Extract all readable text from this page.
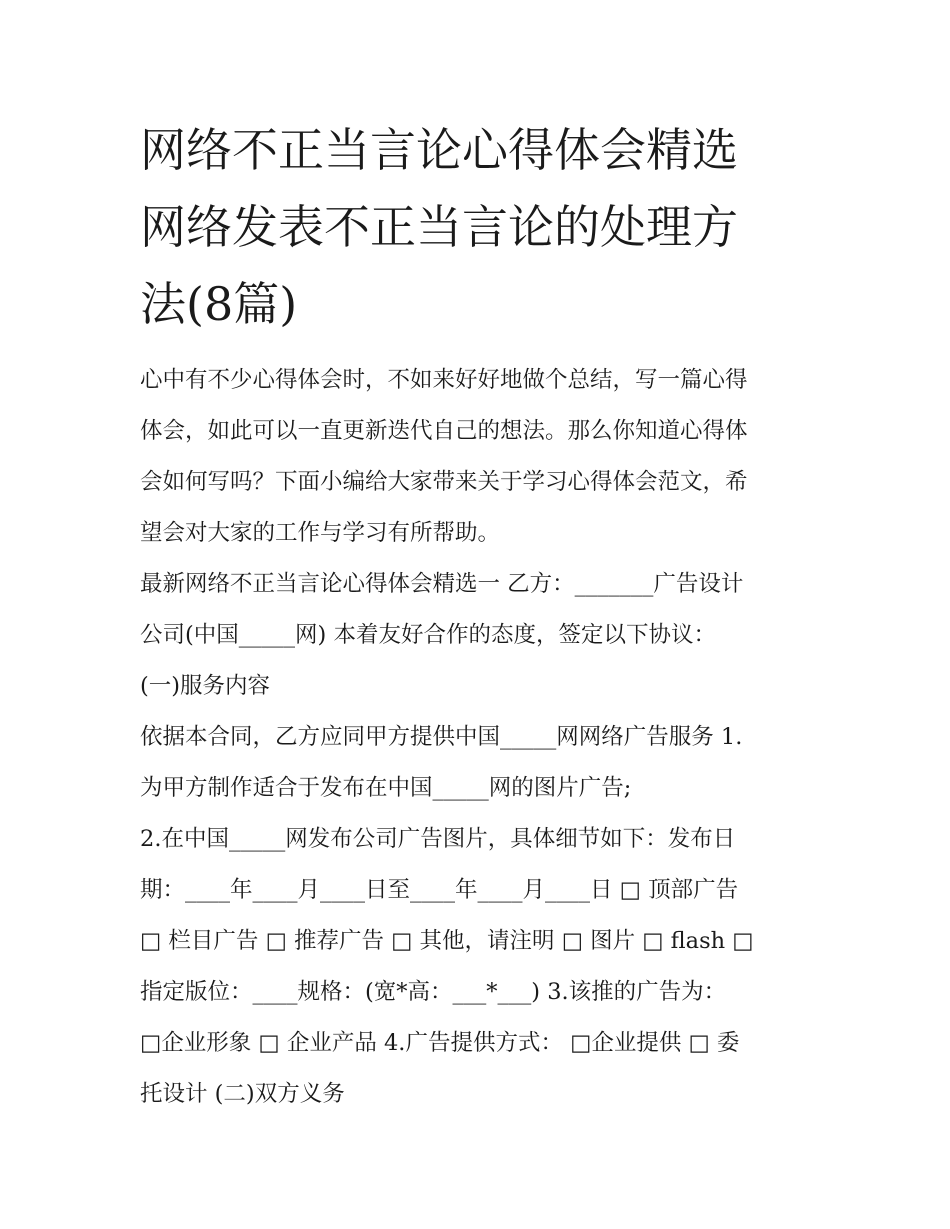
网络不正当言论心得体会精选
网络发表不正当言论的处理方
法(8篇)
心中有不少心得体会时，不如来好好地做个总结，写一篇心得
体会，如此可以一直更新迭代自己的想法。那么你知道心得体
会如何写吗？下面小编给大家带来关于学习心得体会范文，希
望会对大家的工作与学习有所帮助。
最新网络不正当言论心得体会精选一 乙方：_______广告设计
公司(中国_____网) 本着友好合作的态度，签定以下协议：
(一)服务内容
依据本合同，乙方应同甲方提供中国_____网网络广告服务 1.
为甲方制作适合于发布在中国_____网的图片广告;
2.在中国_____网发布公司广告图片，具体细节如下：发布日
期：____年____月____日至____年____月____日 □ 顶部广告
□ 栏目广告 □ 推荐广告 □ 其他，请注明 □ 图片 □ flash □
指定版位：____规格：(宽*高：___*___) 3.该推的广告为：
□企业形象 □ 企业产品 4.广告提供方式： □企业提供 □ 委
托设计 (二)双方义务
